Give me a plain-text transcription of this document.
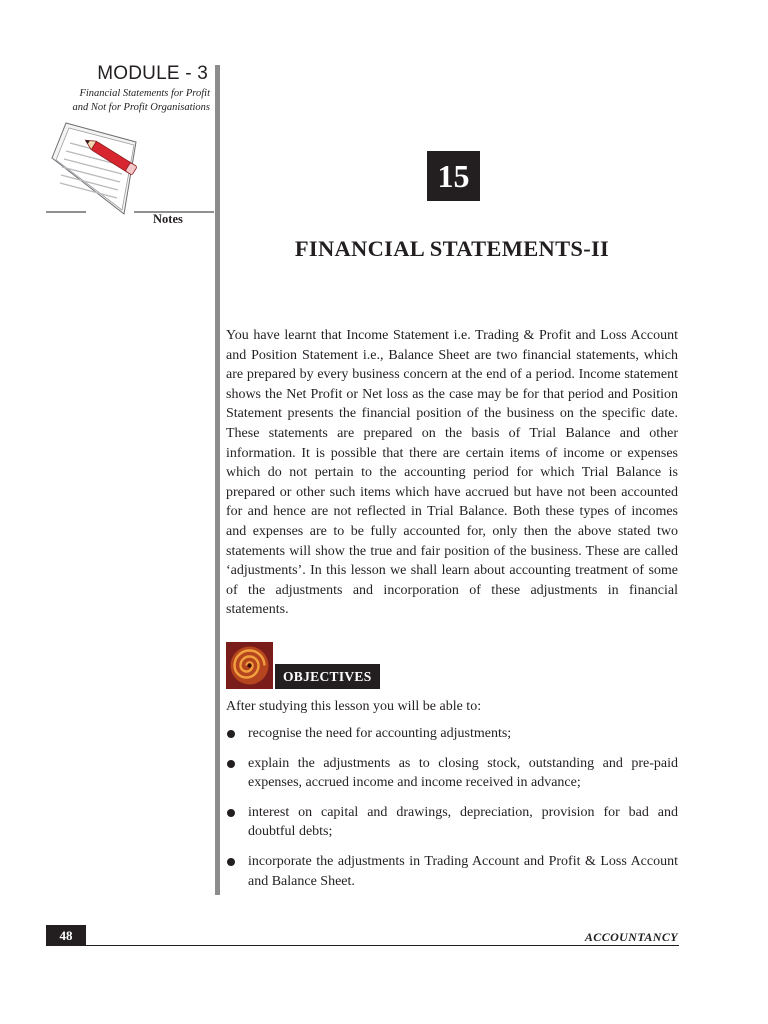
MODULE - 3
Financial Statements for Profit
and Not for Profit Organisations
Notes
15
FINANCIAL STATEMENTS-II
You have learnt that Income Statement i.e. Trading & Profit and Loss Account and Position Statement i.e., Balance Sheet are two financial statements, which are prepared by every business concern at the end of a period. Income statement shows the Net Profit or Net loss as the case may be for that period and Position Statement presents the financial position of the business on the specific date. These statements are prepared on the basis of Trial Balance and other information. It is possible that there are certain items of income or expenses which do not pertain to the accounting period for which Trial Balance is prepared or other such items which have accrued but have not been accounted for and hence are not reflected in Trial Balance. Both these types of incomes and expenses are to be fully accounted for, only then the above stated two statements will show the true and fair position of the business. These are called ‘adjustments’. In this lesson we shall learn about accounting treatment of some of the adjustments and incorporation of these adjustments in financial statements.
OBJECTIVES
After studying this lesson you will be able to:
recognise the need for accounting adjustments;
explain the adjustments as to closing stock, outstanding and pre-paid expenses, accrued income and income received in advance;
interest on capital and drawings, depreciation, provision for bad and doubtful debts;
incorporate the adjustments in Trading Account and Profit & Loss Account and Balance Sheet.
48	ACCOUNTANCY
